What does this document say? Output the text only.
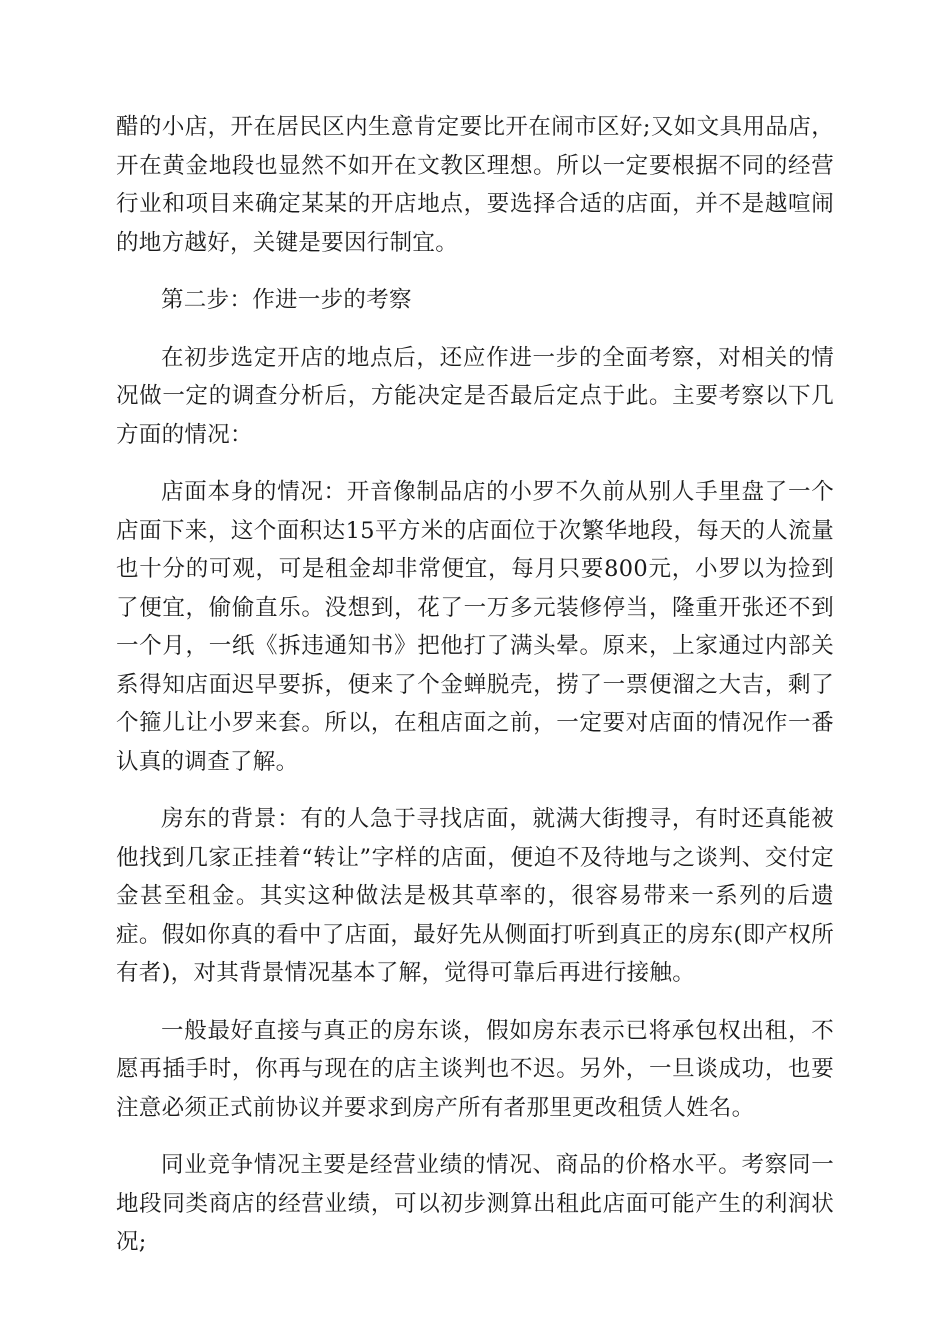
醋的小店，开在居民区内生意肯定要比开在闹市区好;又如文具用品店，开在黄金地段也显然不如开在文教区理想。所以一定要根据不同的经营行业和项目来确定某某的开店地点，要选择合适的店面，并不是越喧闹的地方越好，关键是要因行制宜。

第二步：作进一步的考察

在初步选定开店的地点后，还应作进一步的全面考察，对相关的情况做一定的调查分析后，方能决定是否最后定点于此。主要考察以下几方面的情况：

店面本身的情况：开音像制品店的小罗不久前从别人手里盘了一个店面下来，这个面积达15平方米的店面位于次繁华地段，每天的人流量也十分的可观，可是租金却非常便宜，每月只要800元，小罗以为捡到了便宜，偷偷直乐。没想到，花了一万多元装修停当，隆重开张还不到一个月，一纸《拆违通知书》把他打了满头晕。原来，上家通过内部关系得知店面迟早要拆，便来了个金蝉脱壳，捞了一票便溜之大吉，剩了个箍儿让小罗来套。所以，在租店面之前，一定要对店面的情况作一番认真的调查了解。

房东的背景：有的人急于寻找店面，就满大街搜寻，有时还真能被他找到几家正挂着“转让”字样的店面，便迫不及待地与之谈判、交付定金甚至租金。其实这种做法是极其草率的，很容易带来一系列的后遗症。假如你真的看中了店面，最好先从侧面打听到真正的房东(即产权所有者)，对其背景情况基本了解，觉得可靠后再进行接触。

一般最好直接与真正的房东谈，假如房东表示已将承包权出租，不愿再插手时，你再与现在的店主谈判也不迟。另外，一旦谈成功，也要注意必须正式前协议并要求到房产所有者那里更改租赁人姓名。

同业竞争情况主要是经营业绩的情况、商品的价格水平。考察同一地段同类商店的经营业绩，可以初步测算出租此店面可能产生的利润状况;
